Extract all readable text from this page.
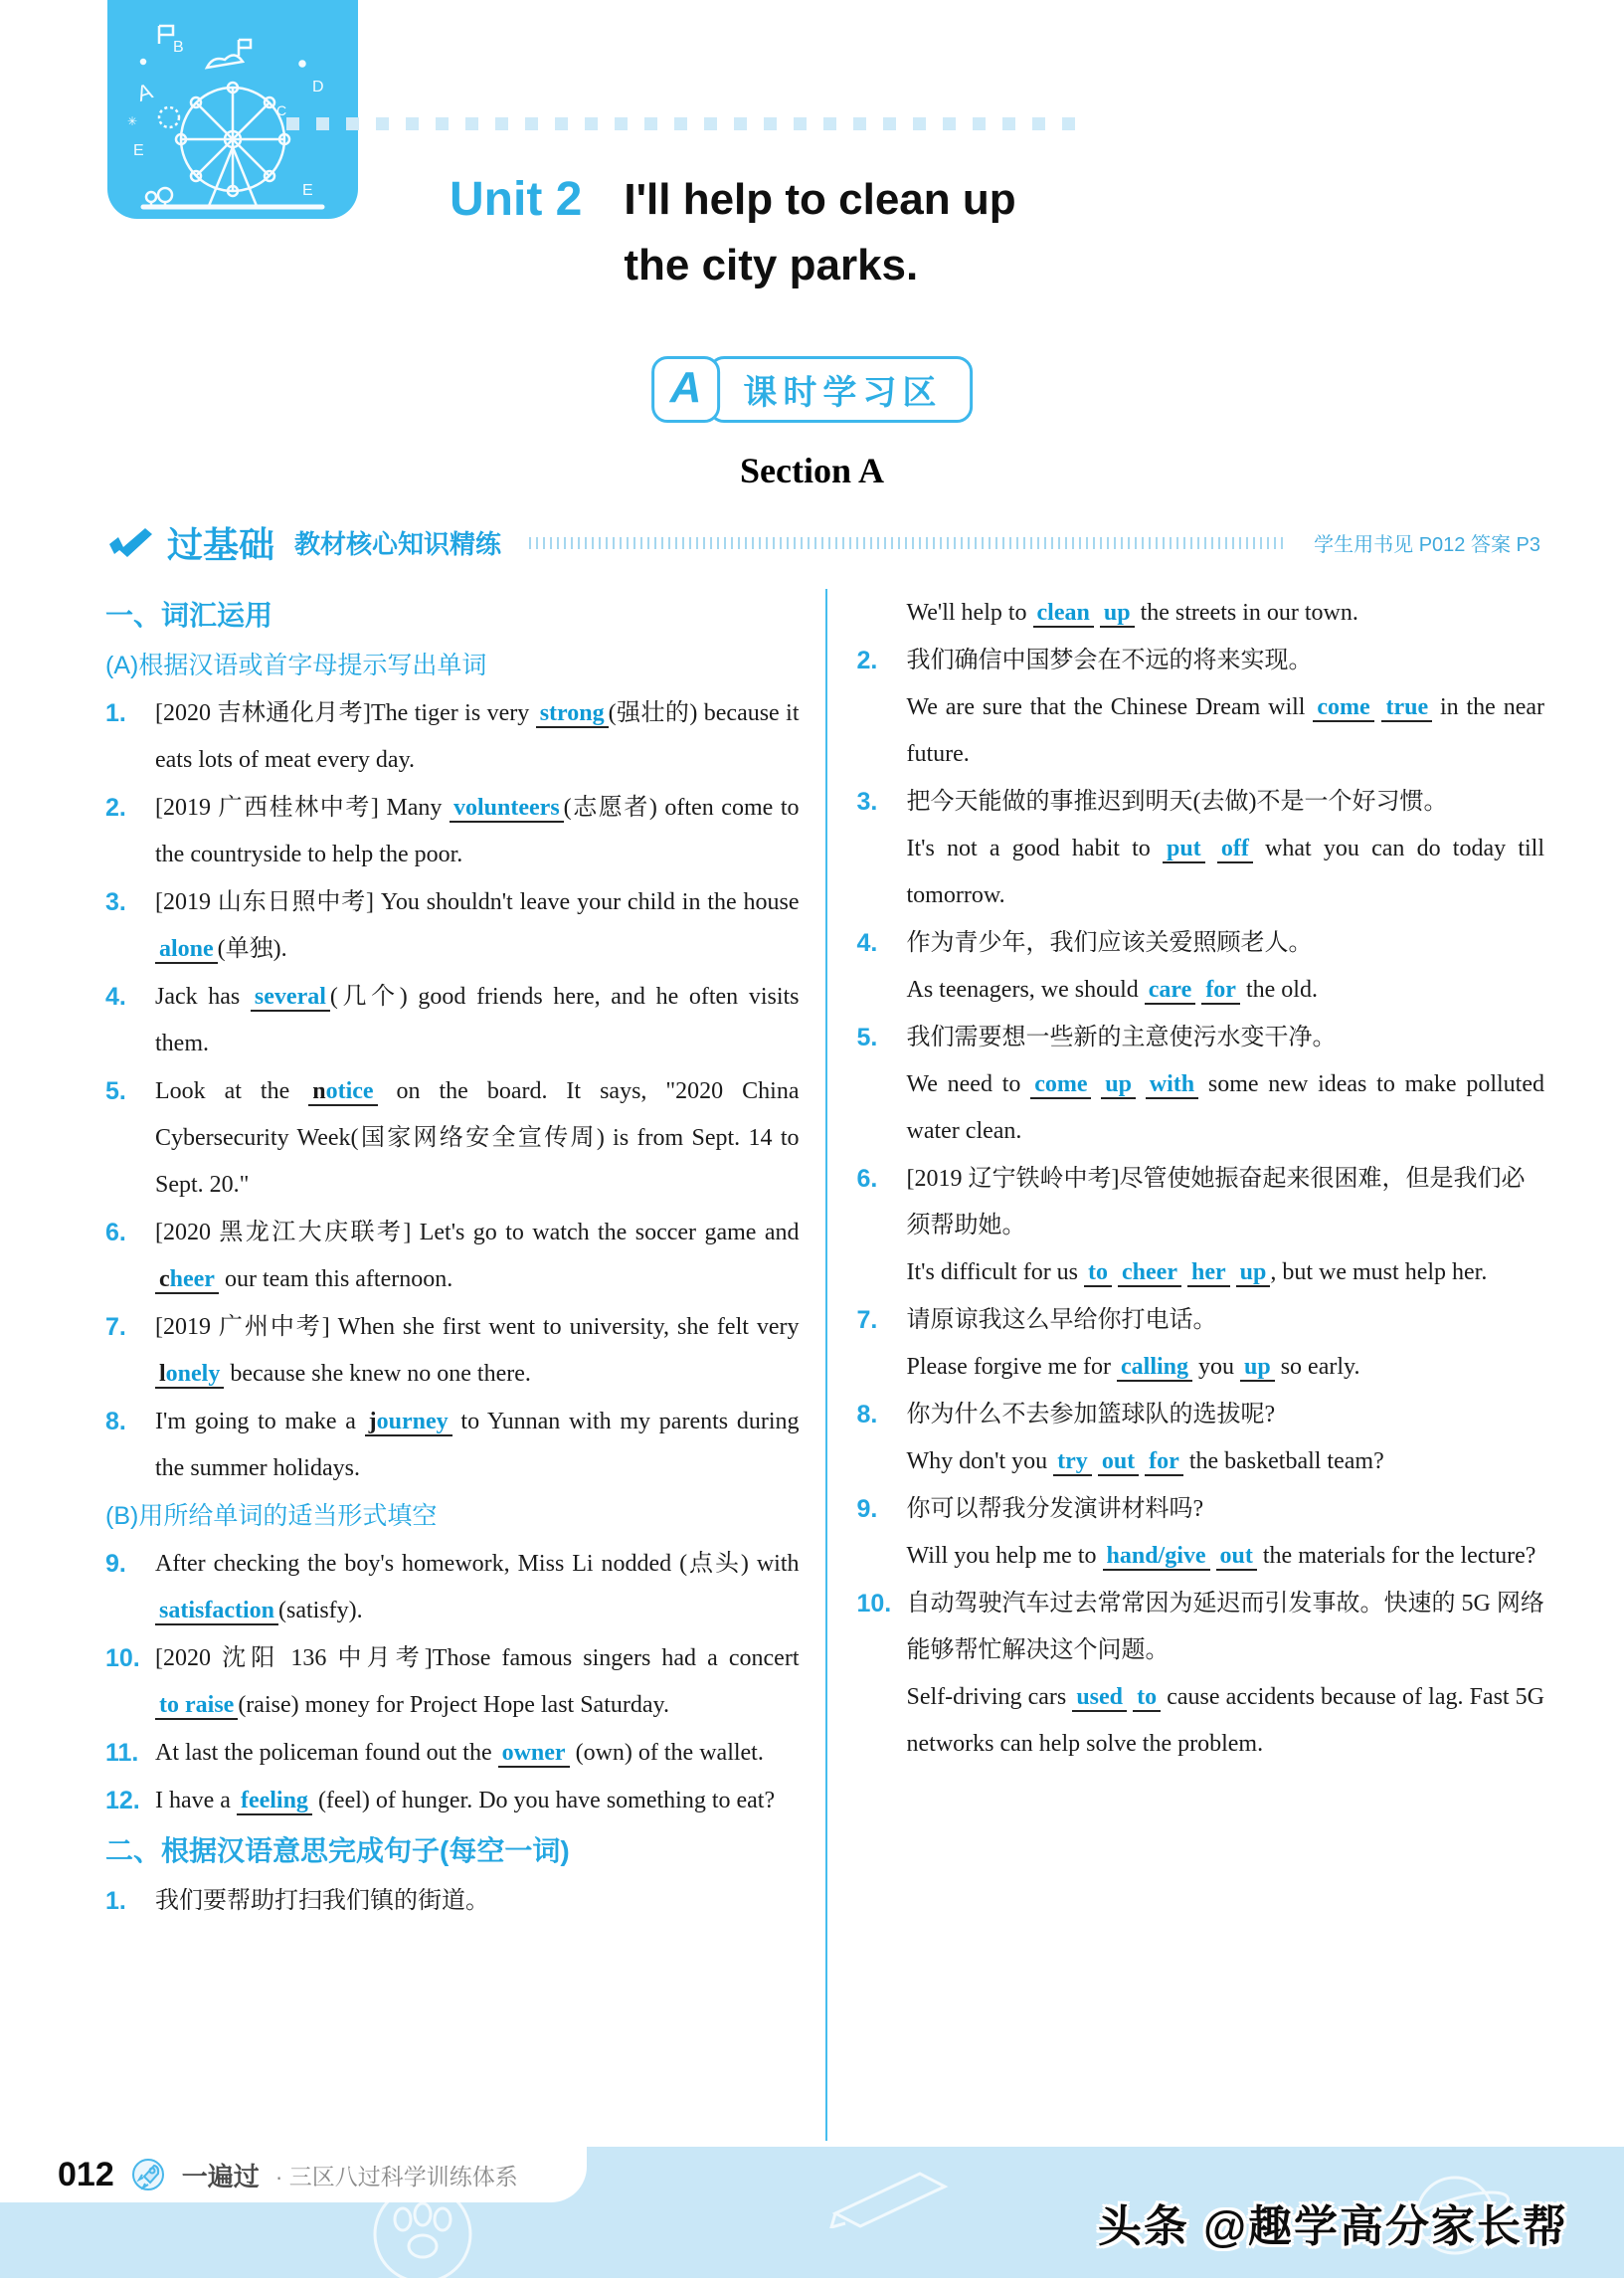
B
D
C
E
E
A
✳
Unit 2 I'll help to clean up
the city parks.
A	课时学习区
Section A
过基础 教材核心知识精练	学生用书见 P012 答案 P3
一、词汇运用
(A)根据汉语或首字母提示写出单词
1.	[2020 吉林通化月考]The tiger is very strong (强壮的) because it eats lots of meat every day.
2.	[2019 广西桂林中考] Many volunteers (志愿者) often come to the countryside to help the poor.
3.	[2019 山东日照中考] You shouldn't leave your child in the house alone (单独).
4.	Jack has several (几个) good friends here, and he often visits them.
5.	Look at the notice on the board. It says, "2020 China Cybersecurity Week(国家网络安全宣传周) is from Sept. 14 to Sept. 20."
6.	[2020 黑龙江大庆联考] Let's go to watch the soccer game and cheer our team this afternoon.
7.	[2019 广州中考] When she first went to university, she felt very lonely because she knew no one there.
8.	I'm going to make a journey to Yunnan with my parents during the summer holidays.
(B)用所给单词的适当形式填空
9.	After checking the boy's homework, Miss Li nodded (点头) with satisfaction (satisfy).
10. [2020 沈阳 136 中月考]Those famous singers had a concert to raise (raise) money for Project Hope last Saturday.
11. At last the policeman found out the owner (own) of the wallet.
12. I have a feeling (feel) of hunger. Do you have something to eat?
二、根据汉语意思完成句子(每空一词)
1.	我们要帮助打扫我们镇的街道。
We'll help to clean up the streets in our town.
2.	我们确信中国梦会在不远的将来实现。
We are sure that the Chinese Dream will come true in the near future.
3.	把今天能做的事推迟到明天(去做)不是一个好习惯。
It's not a good habit to put off what you can do today till tomorrow.
4.	作为青少年，我们应该关爱照顾老人。
As teenagers, we should care for the old.
5.	我们需要想一些新的主意使污水变干净。
We need to come up with some new ideas to make polluted water clean.
6.	[2019 辽宁铁岭中考]尽管使她振奋起来很困难，但是我们必须帮助她。
It's difficult for us to cheer her up , but we must help her.
7.	请原谅我这么早给你打电话。
Please forgive me for calling you up so early.
8.	你为什么不去参加篮球队的选拔呢?
Why don't you try out for the basketball team?
9.	你可以帮我分发演讲材料吗?
Will you help me to hand/give out the materials for the lecture?
10. 自动驾驶汽车过去常常因为延迟而引发事故。快速的 5G 网络能够帮忙解决这个问题。
Self-driving cars used to cause accidents because of lag. Fast 5G networks can help solve the problem.
012	一遍过 · 三区八过科学训练体系
头条 @趣学高分家长帮
